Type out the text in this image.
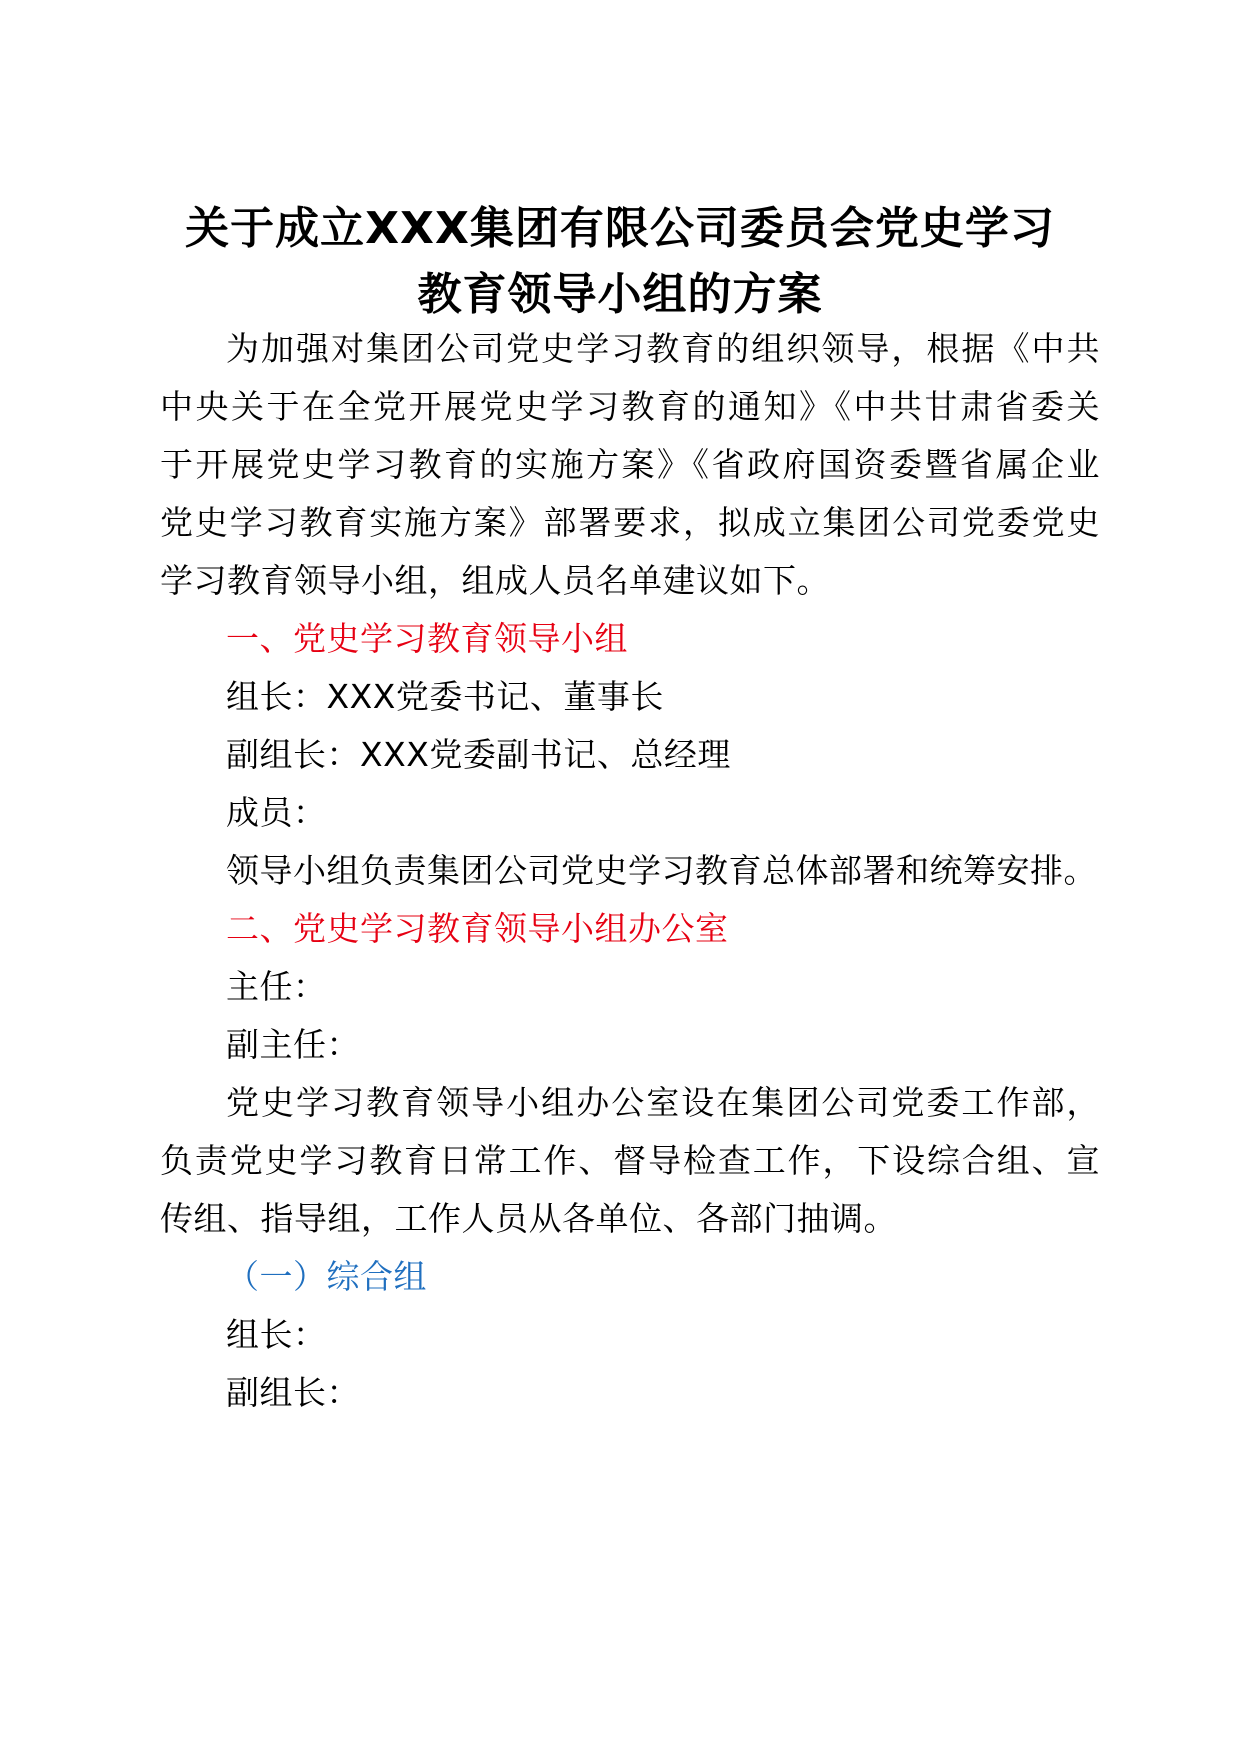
关于成立XXX集团有限公司委员会党史学习
教育领导小组的方案
为加强对集团公司党史学习教育的组织领导，根据《中共
中央关于在全党开展党史学习教育的通知》《中共甘肃省委关
于开展党史学习教育的实施方案》《省政府国资委暨省属企业
党史学习教育实施方案》部署要求，拟成立集团公司党委党史
学习教育领导小组，组成人员名单建议如下。
一、党史学习教育领导小组
组长：XXX党委书记、董事长
副组长：XXX党委副书记、总经理
成员：
领导小组负责集团公司党史学习教育总体部署和统筹安排。
二、党史学习教育领导小组办公室
主任：
副主任：
党史学习教育领导小组办公室设在集团公司党委工作部，
负责党史学习教育日常工作、督导检查工作，下设综合组、宣
传组、指导组，工作人员从各单位、各部门抽调。
（一）综合组
组长：
副组长：
